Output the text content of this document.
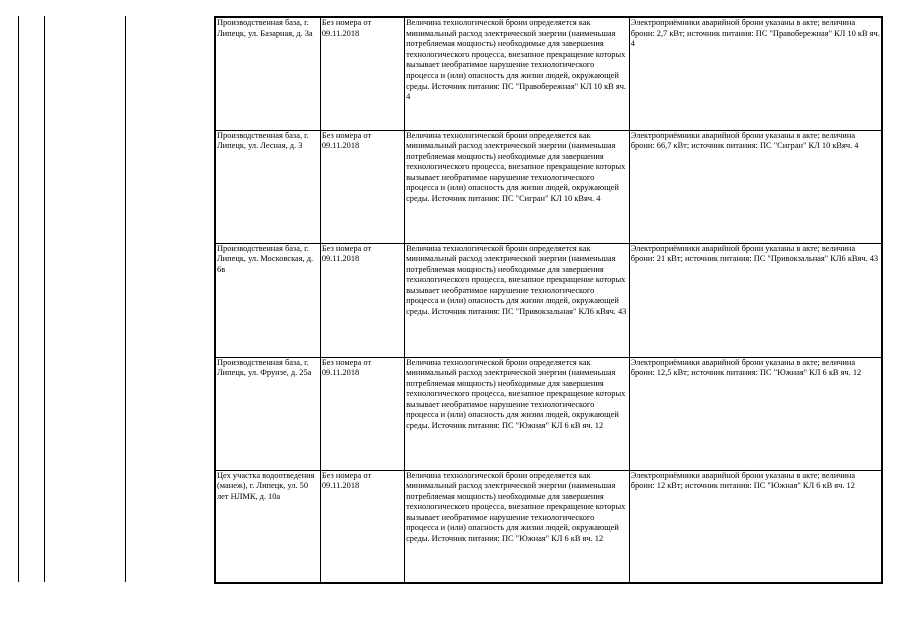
Производственная база, г. Липецк, ул. Базарная, д. 3а	Без номера от 09.11.2018	Величина технологической брони определяется как минимальный расход электрической энергии (наименьшая потребляемая мощность) необходимые для завершения технологического процесса, внезапное прекращение которых вызывает необратимое нарушение технологического процесса и (или) опасность для жизни людей, окружающей среды. Источник питания: ПС "Правобережная" КЛ 10 кВ яч. 4	Электроприёмники аварийной брони указаны в акте; величина брони: 2,7 кВт; источник питания: ПС "Правобережная" КЛ 10 кВ яч. 4
Производственная база, г. Липецк, ул. Лесная, д. 3	Без номера от 09.11.2018	Величина технологической брони определяется как минимальный расход электрической энергии (наименьшая потребляемая мощность) необходимые для завершения технологического процесса, внезапное прекращение которых вызывает необратимое нарушение технологического процесса и (или) опасность для жизни людей, окружающей среды. Источник питания: ПС "Сигран" КЛ 10 кВяч. 4	Электроприёмники аварийной брони указаны в акте; величина брони: 66,7 кВт; источник питания: ПС "Сигран" КЛ 10 кВяч. 4
Производственная база, г. Липецк, ул. Московская, д. 6в	Без номера от 09.11.2018	Величина технологической брони определяется как минимальный расход электрической энергии (наименьшая потребляемая мощность) необходимые для завершения технологического процесса, внезапное прекращение которых вызывает необратимое нарушение технологического процесса и (или) опасность для жизни людей, окружающей среды. Источник питания: ПС "Привокзальная" КЛ6 кВяч. 43	Электроприёмники аварийной брони указаны в акте; величина брони: 21 кВт; источник питания: ПС "Привокзальная" КЛ6 кВяч. 43
Производственная база, г. Липецк, ул. Фрунзе, д. 25а	Без номера от 09.11.2018	Величина технологической брони определяется как минимальный расход электрической энергии (наименьшая потребляемая мощность) необходимые для завершения технологического процесса, внезапное прекращение которых вызывает необратимое нарушение технологического процесса и (или) опасность для жизни людей, окружающей среды. Источник питания: ПС "Южная" КЛ 6 кВ яч. 12	Электроприёмники аварийной брони указаны в акте; величина брони: 12,5 кВт; источник питания: ПС "Южная" КЛ 6 кВ яч. 12
Цех участка водоотведения (манеж), г. Липецк, ул. 50 лет НЛМК, д. 10а	Без номера от 09.11.2018	Величина технологической брони определяется как минимальный расход электрической энергии (наименьшая потребляемая мощность) необходимые для завершения технологического процесса, внезапное прекращение которых вызывает необратимое нарушение технологического процесса и (или) опасность для жизни людей, окружающей среды. Источник питания: ПС "Южная" КЛ 6 кВ яч. 12	Электроприёмники аварийной брони указаны в акте; величина брони: 12 кВт; источник питания: ПС "Южная" КЛ 6 кВ яч. 12
